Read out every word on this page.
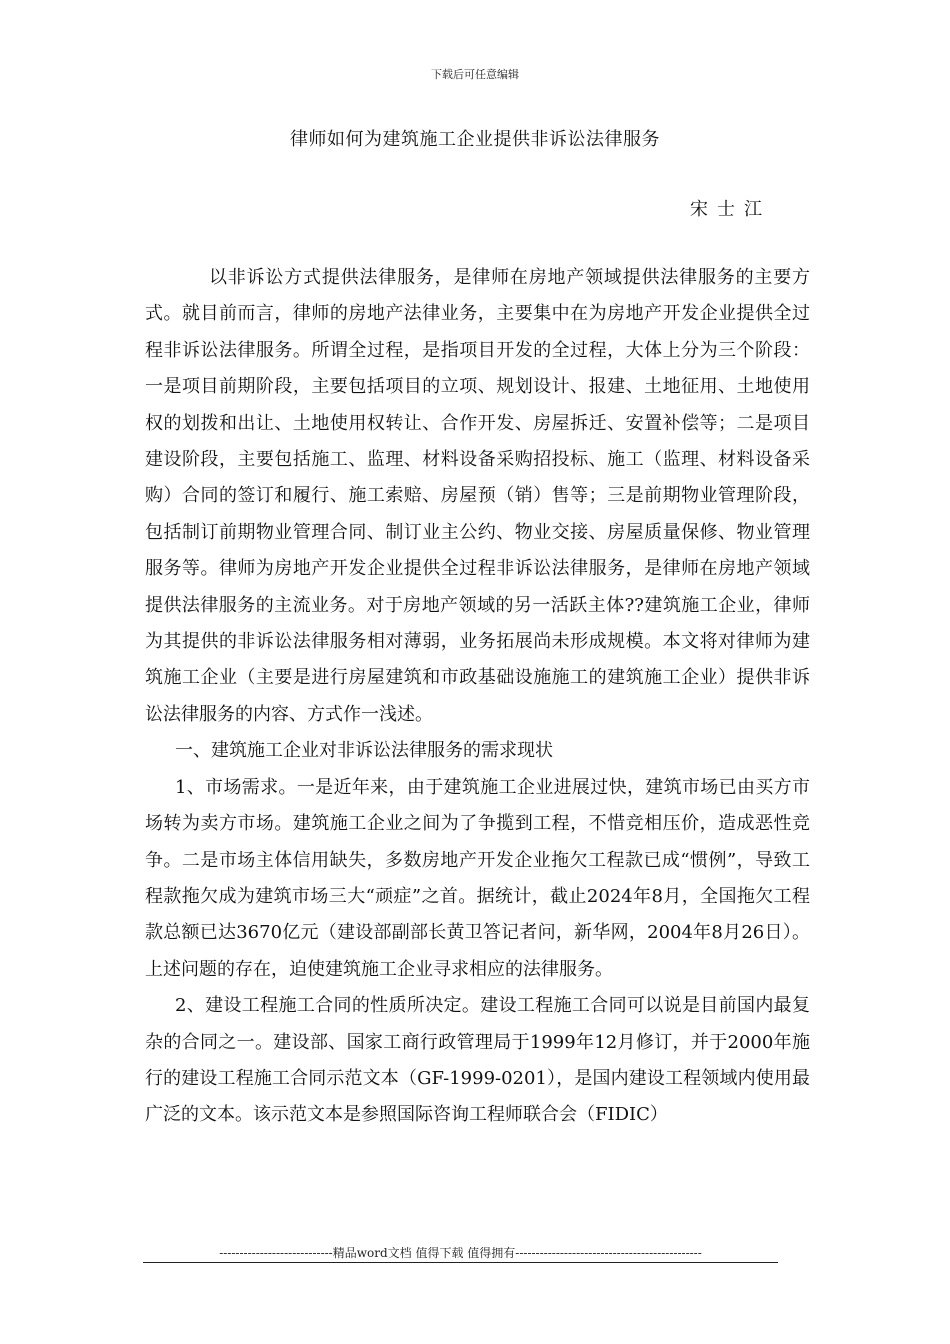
下载后可任意编辑
律师如何为建筑施工企业提供非诉讼法律服务
宋士江

以非诉讼方式提供法律服务，是律师在房地产领域提供法律服务的主要方式。就目前而言，律师的房地产法律业务，主要集中在为房地产开发企业提供全过程非诉讼法律服务。所谓全过程，是指项目开发的全过程，大体上分为三个阶段：一是项目前期阶段，主要包括项目的立项、规划设计、报建、土地征用、土地使用权的划拨和出让、土地使用权转让、合作开发、房屋拆迁、安置补偿等；二是项目建设阶段，主要包括施工、监理、材料设备采购招投标、施工（监理、材料设备采购）合同的签订和履行、施工索赔、房屋预（销）售等；三是前期物业管理阶段，包括制订前期物业管理合同、制订业主公约、物业交接、房屋质量保修、物业管理服务等。律师为房地产开发企业提供全过程非诉讼法律服务，是律师在房地产领域提供法律服务的主流业务。对于房地产领域的另一活跃主体??建筑施工企业，律师为其提供的非诉讼法律服务相对薄弱，业务拓展尚未形成规模。本文将对律师为建筑施工企业（主要是进行房屋建筑和市政基础设施施工的建筑施工企业）提供非诉讼法律服务的内容、方式作一浅述。

一、建筑施工企业对非诉讼法律服务的需求现状

1、市场需求。一是近年来，由于建筑施工企业进展过快，建筑市场已由买方市场转为卖方市场。建筑施工企业之间为了争揽到工程，不惜竞相压价，造成恶性竞争。二是市场主体信用缺失，多数房地产开发企业拖欠工程款已成“惯例”，导致工程款拖欠成为建筑市场三大“顽症”之首。据统计，截止2024年8月，全国拖欠工程款总额已达3670亿元（建设部副部长黄卫答记者问，新华网，2004年8月26日）。上述问题的存在，迫使建筑施工企业寻求相应的法律服务。

2、建设工程施工合同的性质所决定。建设工程施工合同可以说是目前国内最复杂的合同之一。建设部、国家工商行政管理局于1999年12月修订，并于2000年施行的建设工程施工合同示范文本（GF-1999-0201），是国内建设工程领域内使用最广泛的文本。该示范文本是参照国际咨询工程师联合会（FIDIC）

----------------------------精品word文档 值得下载 值得拥有----------------------------------------------
